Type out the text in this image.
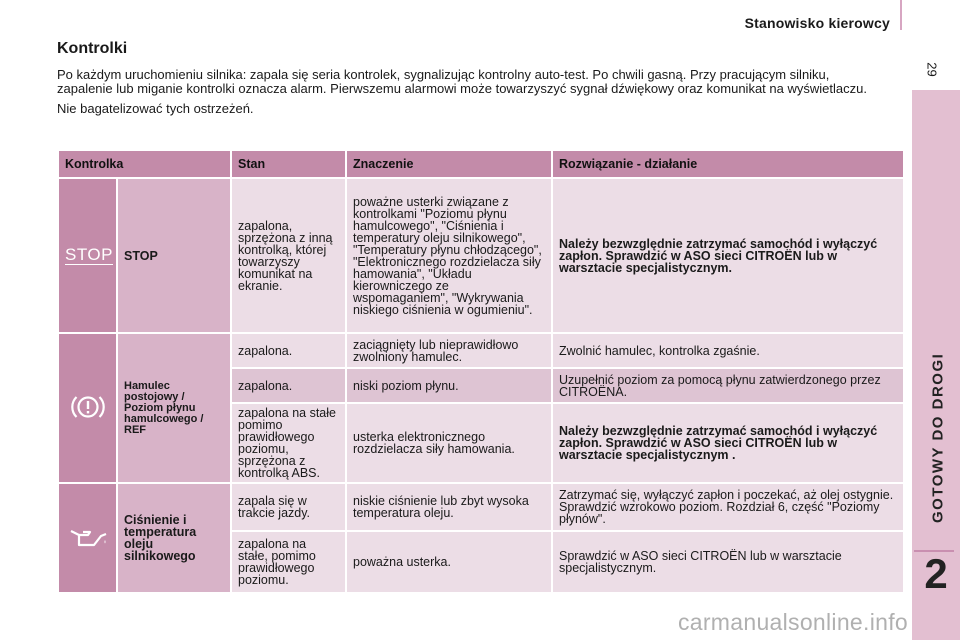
Stanowisko kierowcy
29
GOTOWY DO DROGI
2
Kontrolki

Po każdym uruchomieniu silnika: zapala się seria kontrolek, sygnalizując kontrolny auto-test. Po chwili gasną. Przy pracującym silniku, zapalenie lub miganie kontrolki oznacza alarm. Pierwszemu alarmowi może towarzyszyć sygnał dźwiękowy oraz komunikat na wyświetlaczu.

Nie bagatelizować tych ostrzeżeń.

Kontrolka		Stan	Znaczenie	Rozwiązanie - działanie
STOP	STOP	zapalona, sprzężona z inną kontrolką, której towarzyszy komunikat na ekranie.	poważne usterki związane z kontrolkami "Poziomu płynu hamulcowego", "Ciśnienia i temperatury oleju silnikowego", "Temperatury płynu chłodzącego", "Elektronicznego rozdzielacza siły hamowania", "Układu kierowniczego ze wspomaganiem", "Wykrywania niskiego ciśnienia w ogumieniu".	Należy bezwzględnie zatrzymać samochód i wyłączyć zapłon. Sprawdzić w ASO sieci CITROËN lub w warsztacie specjalistycznym.
	Hamulec postojowy / Poziom płynu hamulcowego / REF	zapalona.	zaciągnięty lub nieprawidłowo zwolniony hamulec.	Zwolnić hamulec, kontrolka zgaśnie.
		zapalona.	niski poziom płynu.	Uzupełnić poziom za pomocą płynu zatwierdzonego przez CITROËNA.
		zapalona na stałe pomimo prawidłowego poziomu, sprzężona z kontrolką ABS.	usterka elektronicznego rozdzielacza siły hamowania.	Należy bezwzględnie zatrzymać samochód i wyłączyć zapłon. Sprawdzić w ASO sieci CITROËN lub w warsztacie specjalistycznym .
	Ciśnienie i temperatura oleju silnikowego	zapala się w trakcie jazdy.	niskie ciśnienie lub zbyt wysoka temperatura oleju.	Zatrzymać się, wyłączyć zapłon i poczekać, aż olej ostygnie. Sprawdzić wzrokowo poziom. Rozdział 6, część "Poziomy płynów".
		zapalona na stałe, pomimo prawidłowego poziomu.	poważna usterka.	Sprawdzić w ASO sieci CITROËN lub w warsztacie specjalistycznym.
carmanualsonline.info
